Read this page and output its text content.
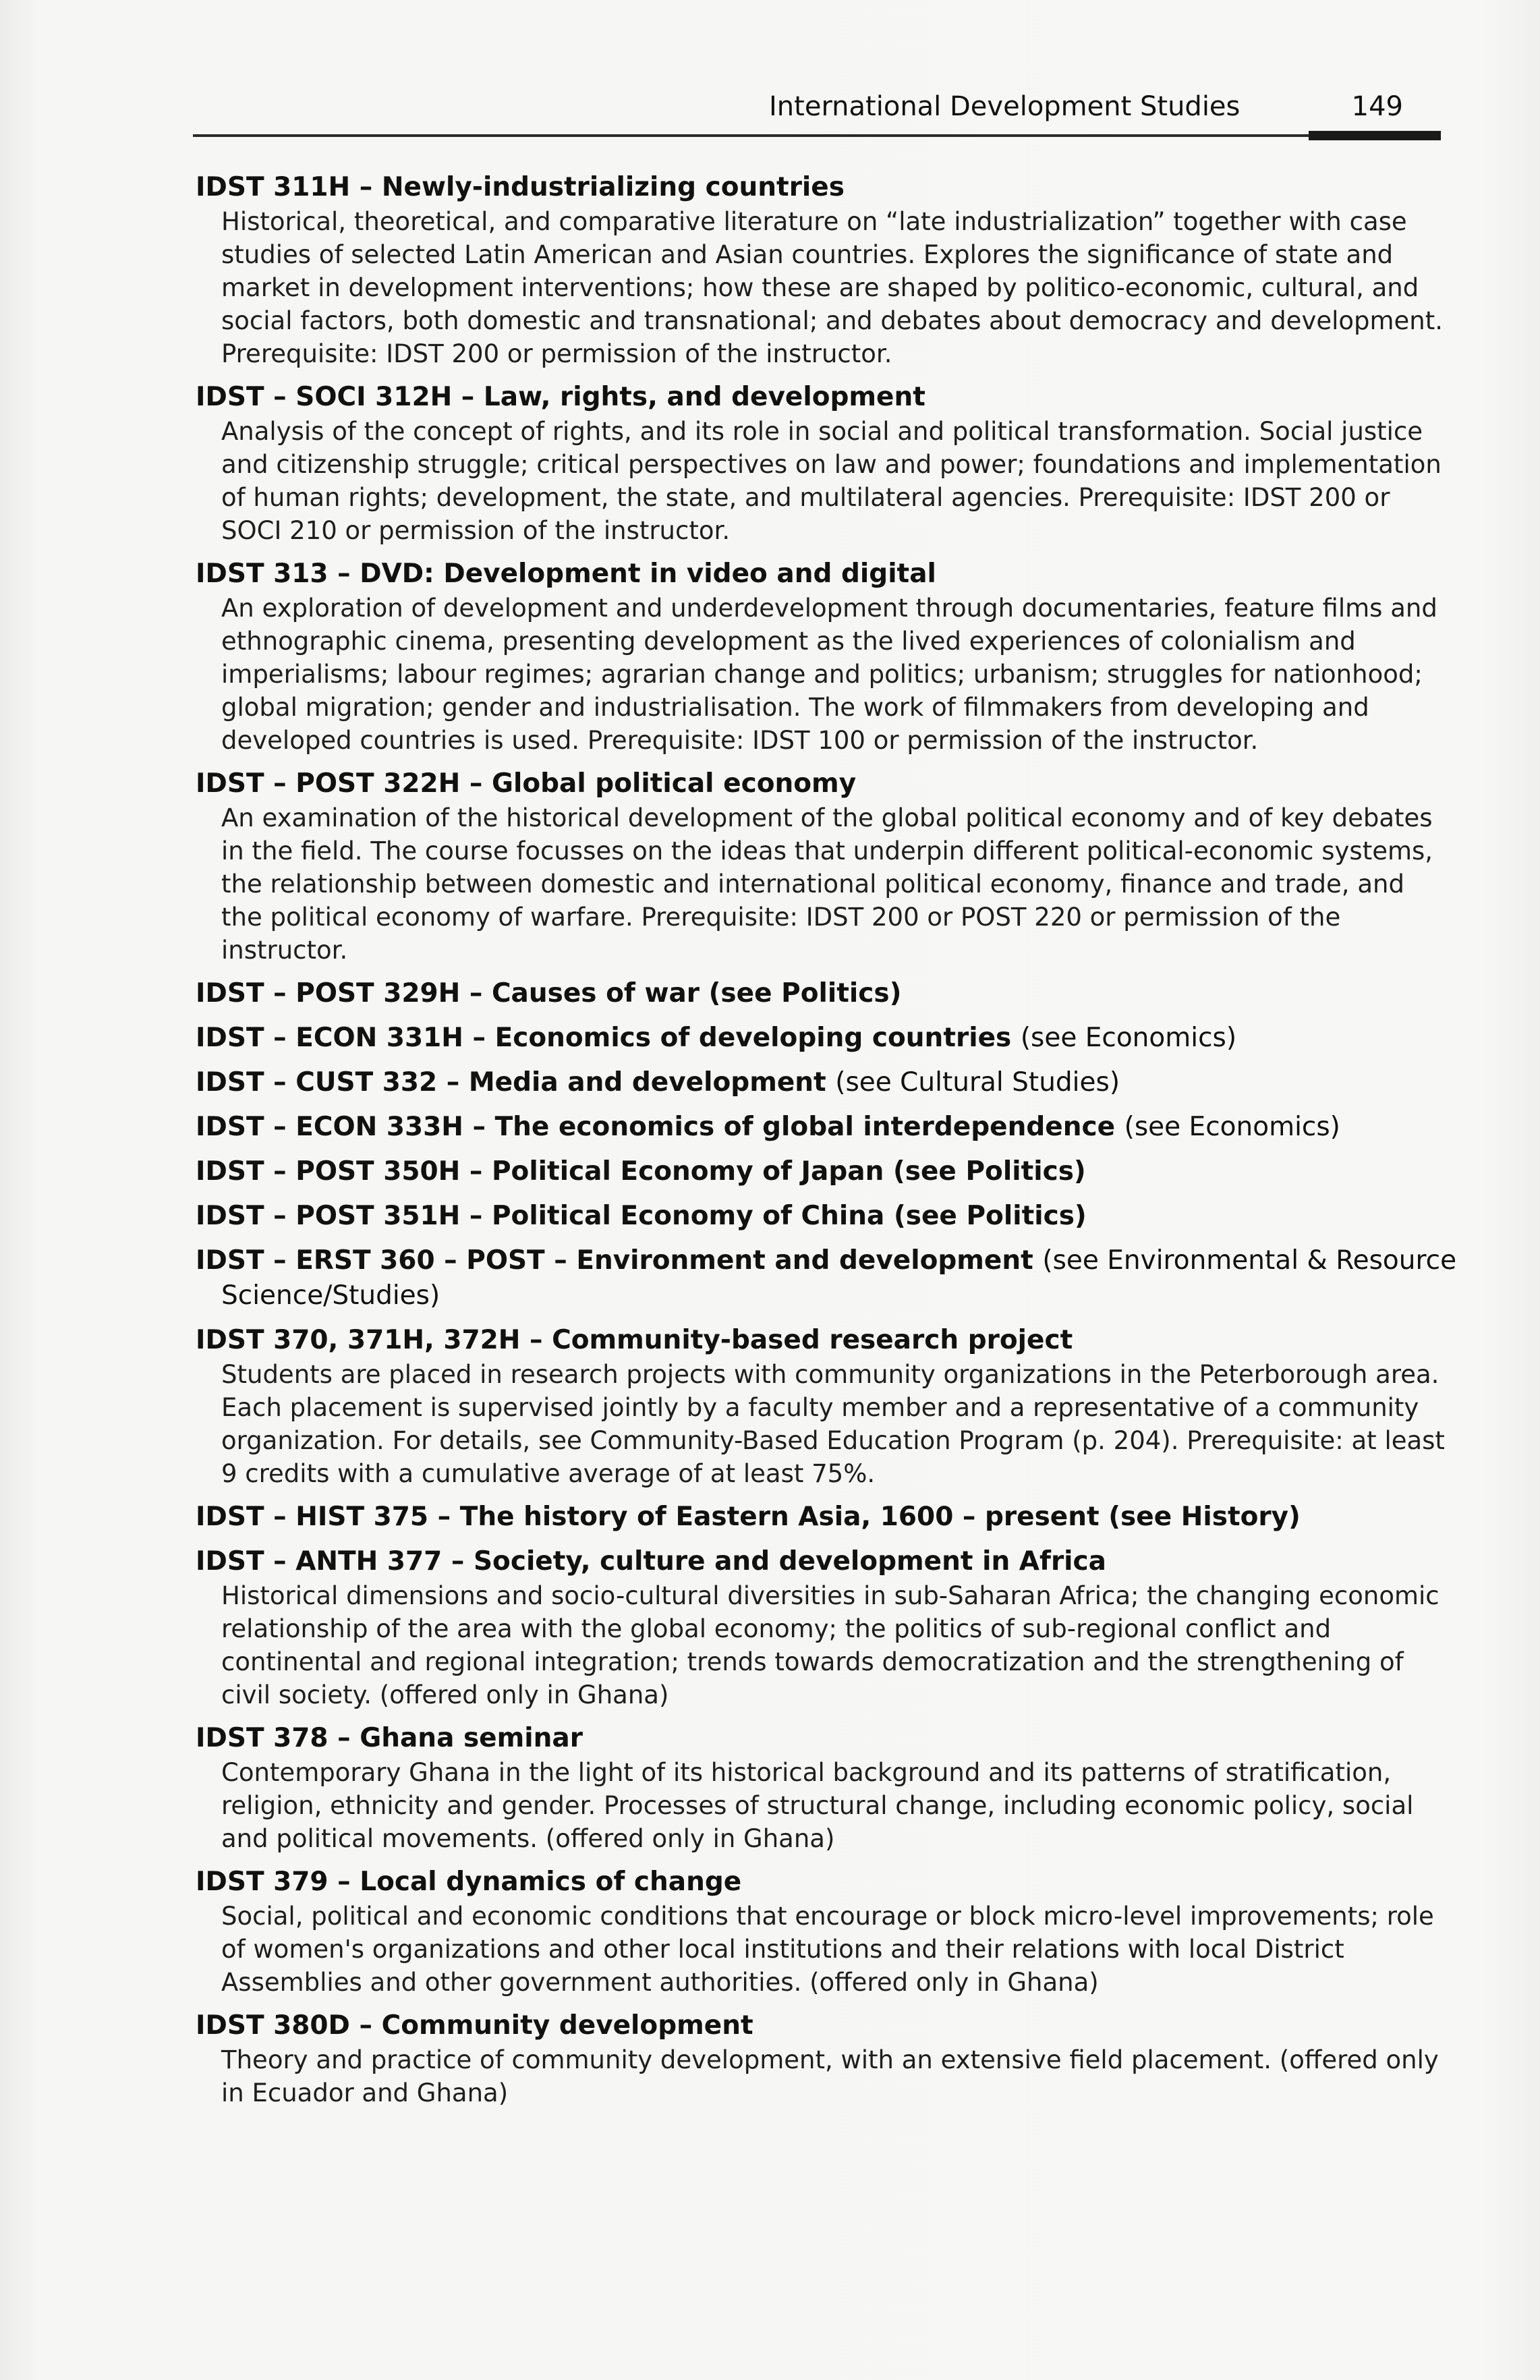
International Development Studies	149
IDST 311H – Newly-industrializing countries

Historical, theoretical, and comparative literature on “late industrialization” together with case studies of selected Latin American and Asian countries. Explores the significance of state and market in development interventions; how these are shaped by politico-economic, cultural, and social factors, both domestic and transnational; and debates about democracy and development. Prerequisite: IDST 200 or permission of the instructor.

IDST – SOCI 312H – Law, rights, and development

Analysis of the concept of rights, and its role in social and political transformation. Social justice and citizenship struggle; critical perspectives on law and power; foundations and implementation of human rights; development, the state, and multilateral agencies. Prerequisite: IDST 200 or SOCI 210 or permission of the instructor.

IDST 313 – DVD: Development in video and digital

An exploration of development and underdevelopment through documentaries, feature films and ethnographic cinema, presenting development as the lived experiences of colonialism and imperialisms; labour regimes; agrarian change and politics; urbanism; struggles for nationhood; global migration; gender and industrialisation. The work of filmmakers from developing and developed countries is used. Prerequisite: IDST 100 or permission of the instructor.

IDST – POST 322H – Global political economy

An examination of the historical development of the global political economy and of key debates in the field. The course focusses on the ideas that underpin different political-economic systems, the relationship between domestic and international political economy, finance and trade, and the political economy of warfare. Prerequisite: IDST 200 or POST 220 or permission of the instructor.

IDST – POST 329H – Causes of war (see Politics)
IDST – ECON 331H – Economics of developing countries (see Economics)
IDST – CUST 332 – Media and development (see Cultural Studies)
IDST – ECON 333H – The economics of global interdependence (see Economics)
IDST – POST 350H – Political Economy of Japan (see Politics)
IDST – POST 351H – Political Economy of China (see Politics)
IDST – ERST 360 – POST – Environment and development (see Environmental & Resource
Science/Studies)
IDST 370, 371H, 372H – Community-based research project

Students are placed in research projects with community organizations in the Peterborough area. Each placement is supervised jointly by a faculty member and a representative of a community organization. For details, see Community-Based Education Program (p. 204). Prerequisite: at least 9 credits with a cumulative average of at least 75%.

IDST – HIST 375 – The history of Eastern Asia, 1600 – present (see History)
IDST – ANTH 377 – Society, culture and development in Africa

Historical dimensions and socio-cultural diversities in sub-Saharan Africa; the changing economic relationship of the area with the global economy; the politics of sub-regional conflict and continental and regional integration; trends towards democratization and the strengthening of civil society. (offered only in Ghana)

IDST 378 – Ghana seminar

Contemporary Ghana in the light of its historical background and its patterns of stratification, religion, ethnicity and gender. Processes of structural change, including economic policy, social and political movements. (offered only in Ghana)

IDST 379 – Local dynamics of change

Social, political and economic conditions that encourage or block micro-level improvements; role of women's organizations and other local institutions and their relations with local District Assemblies and other government authorities. (offered only in Ghana)

IDST 380D – Community development

Theory and practice of community development, with an extensive field placement. (offered only in Ecuador and Ghana)
